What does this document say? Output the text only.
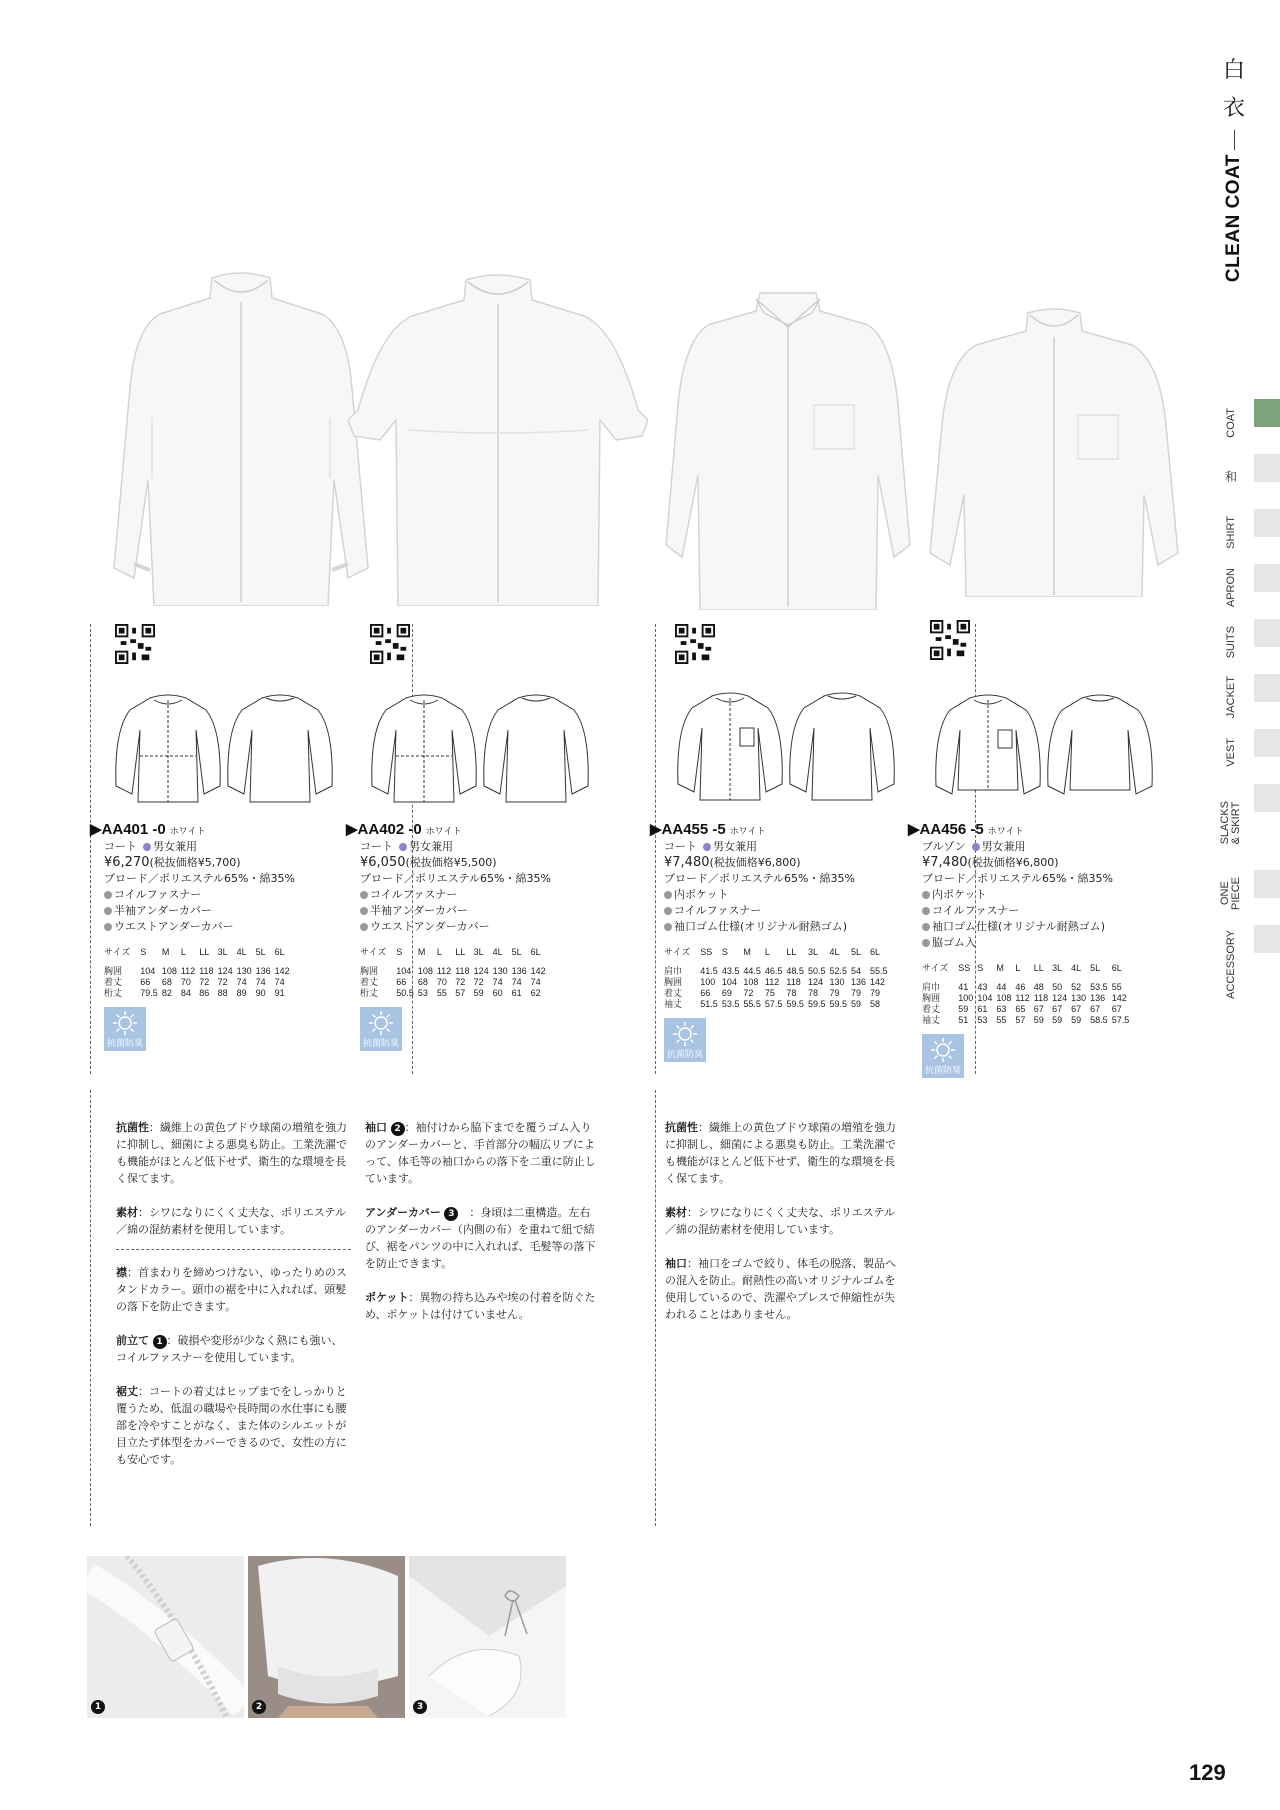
白
衣
CLEAN COAT
COAT
和
SHIRT
APRON
SUITS
JACKET
VEST
SLACKS
& SKIRT
ONE
PIECE
ACCESSORY
▶AA401 -0 ホワイト
コート 男女兼用
¥6,270(税抜価格¥5,700)
ブロード／ポリエステル65%・綿35%
コイルファスナー
半袖アンダーカバー
ウエストアンダーカバー
サイズ	S	M	L	LL	3L	4L	5L	6L
胸囲	104	108	112	118	124	130	136	142
着丈	66	68	70	72	72	74	74	74
桁丈	79.5	82	84	86	88	89	90	91
抗菌防臭
▶AA402 -0 ホワイト
コート 男女兼用
¥6,050(税抜価格¥5,500)
ブロード／ポリエステル65%・綿35%
コイルファスナー
半袖アンダーカバー
ウエストアンダーカバー
サイズ	S	M	L	LL	3L	4L	5L	6L
胸囲	104	108	112	118	124	130	136	142
着丈	66	68	70	72	72	74	74	74
桁丈	50.5	53	55	57	59	60	61	62
抗菌防臭
▶AA455 -5 ホワイト
コート 男女兼用
¥7,480(税抜価格¥6,800)
ブロード／ポリエステル65%・綿35%
内ポケット
コイルファスナー
袖口ゴム仕様(オリジナル耐熱ゴム)
サイズ	SS	S	M	L	LL	3L	4L	5L	6L
肩巾	41.5	43.5	44.5	46.5	48.5	50.5	52.5	54	55.5
胸囲	100	104	108	112	118	124	130	136	142
着丈	66	69	72	75	78	78	79	79	79
袖丈	51.5	53.5	55.5	57.5	59.5	59.5	59.5	59	58
抗菌防臭
▶AA456 -5 ホワイト
ブルゾン 男女兼用
¥7,480(税抜価格¥6,800)
ブロード／ポリエステル65%・綿35%
内ポケット
コイルファスナー
袖口ゴム仕様(オリジナル耐熱ゴム)
脇ゴム入
サイズ	SS	S	M	L	LL	3L	4L	5L	6L
肩巾	41	43	44	46	48	50	52	53.5	55
胸囲	100	104	108	112	118	124	130	136	142
着丈	59	61	63	65	67	67	67	67	67
袖丈	51	53	55	57	59	59	59	58.5	57.5
抗菌防臭

抗菌性：繊維上の黄色ブドウ球菌の増殖を強力に抑制し、細菌による悪臭も防止。工業洗濯でも機能がほとんど低下せず、衛生的な環境を長く保てます。

素材：シワになりにくく丈夫な、ポリエステル／綿の混紡素材を使用しています。

襟：首まわりを締めつけない、ゆったりめのスタンドカラー。頭巾の裾を中に入れれば、頭髪の落下を防止できます。

前立て 1 ：破損や変形が少なく熱にも強い、コイルファスナーを使用しています。

裾丈：コートの着丈はヒップまでをしっかりと覆うため、低温の職場や長時間の水仕事にも腰部を冷やすことがなく、また体のシルエットが目立たず体型をカバーできるので、女性の方にも安心です。

袖口 2 ：袖付けから脇下までを覆うゴム入りのアンダーカバーと、手首部分の幅広リブによって、体毛等の袖口からの落下を二重に防止しています。

アンダーカバー 3　：身頃は二重構造。左右のアンダーカバー（内側の布）を重ねて紐で結び、裾をパンツの中に入れれば、毛髪等の落下を防止できます。

ポケット：異物の持ち込みや埃の付着を防ぐため、ポケットは付けていません。

抗菌性：繊維上の黄色ブドウ球菌の増殖を強力に抑制し、細菌による悪臭も防止。工業洗濯でも機能がほとんど低下せず、衛生的な環境を長く保てます。

素材：シワになりにくく丈夫な、ポリエステル／綿の混紡素材を使用しています。

袖口：袖口をゴムで絞り、体毛の脱落、製品への混入を防止。耐熱性の高いオリジナルゴムを使用しているので、洗濯やプレスで伸縮性が失われることはありません。

1	2	3
129
